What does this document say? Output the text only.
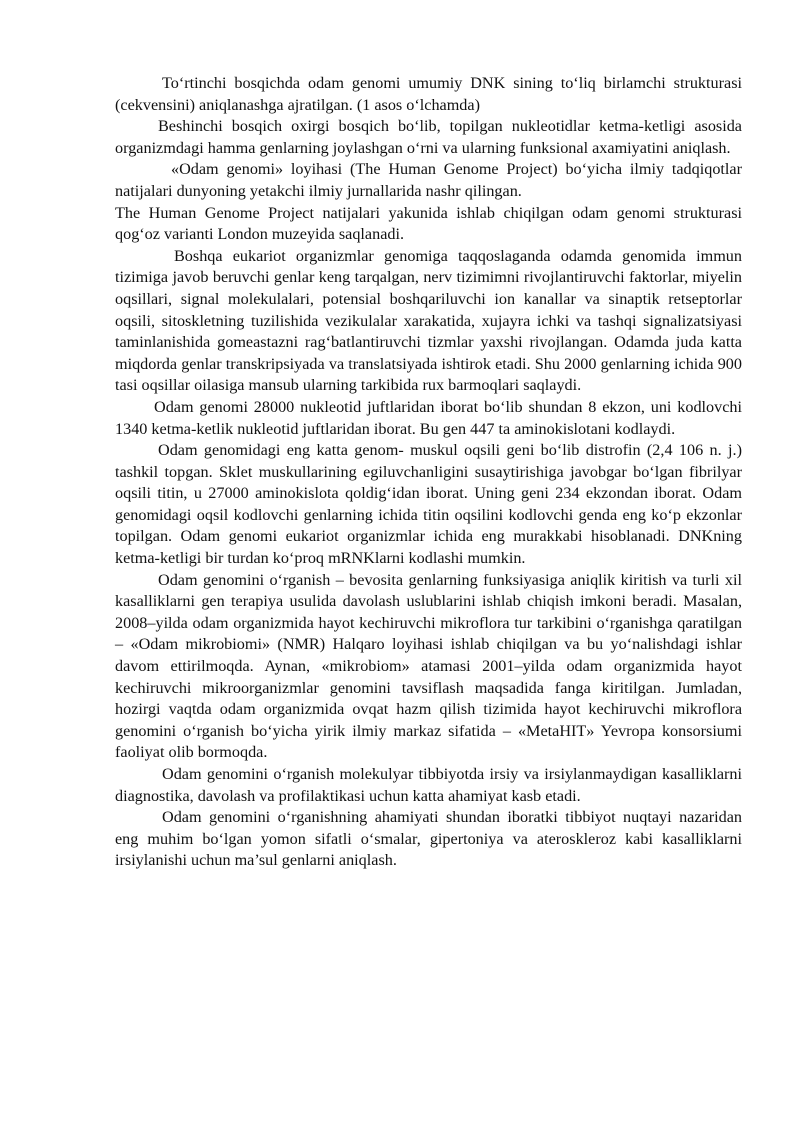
To‘rtinchi bosqichda odam genomi umumiy DNK sining to‘liq birlamchi strukturasi (cekvensini) aniqlanashga ajratilgan. (1 asos o‘lchamda)

Beshinchi bosqich oxirgi bosqich bo‘lib, topilgan nukleotidlar ketma-ketligi asosida organizmdagi hamma genlarning joylashgan o‘rni va ularning funksional axamiyatini aniqlash.

«Odam genomi» loyihasi (The Human Genome Project) bo‘yicha ilmiy tadqiqotlar natijalari dunyoning yetakchi ilmiy jurnallarida nashr qilingan.

The Human Genome Project natijalari yakunida ishlab chiqilgan odam genomi strukturasi qog‘oz varianti London muzeyida saqlanadi.

Boshqa eukariot organizmlar genomiga taqqoslaganda odamda genomida immun tizimiga javob beruvchi genlar keng tarqalgan, nerv tizimimni rivojlantiruvchi faktorlar, miyelin oqsillari, signal molekulalari, potensial boshqariluvchi ion kanallar va sinaptik retseptorlar oqsili, sitoskletning tuzilishida vezikulalar xarakatida, xujayra ichki va tashqi signalizatsiyasi taminlanishida gomeastazni rag‘batlantiruvchi tizmlar yaxshi rivojlangan. Odamda juda katta miqdorda genlar transkripsiyada va translatsiyada ishtirok etadi. Shu 2000 genlarning ichida 900 tasi oqsillar oilasiga mansub ularning tarkibida rux barmoqlari saqlaydi.

Odam genomi 28000 nukleotid juftlaridan iborat bo‘lib shundan 8 ekzon, uni kodlovchi 1340 ketma-ketlik nukleotid juftlaridan iborat. Bu gen 447 ta aminokislotani kodlaydi.

Odam genomidagi eng katta genom- muskul oqsili geni bo‘lib distrofin (2,4 106 n. j.) tashkil topgan. Sklet muskullarining egiluvchanligini susaytirishiga javobgar bo‘lgan fibrilyar oqsili titin, u 27000 aminokislota qoldig‘idan iborat. Uning geni 234 ekzondan iborat. Odam genomidagi oqsil kodlovchi genlarning ichida titin oqsilini kodlovchi genda eng ko‘p ekzonlar topilgan. Odam genomi eukariot organizmlar ichida eng murakkabi hisoblanadi. DNKning ketma-ketligi bir turdan ko‘proq mRNKlarni kodlashi mumkin.

Odam genomini o‘rganish – bevosita genlarning funksiyasiga aniqlik kiritish va turli xil kasalliklarni gen terapiya usulida davolash uslublarini ishlab chiqish imkoni beradi. Masalan, 2008–yilda odam organizmida hayot kechiruvchi mikroflora tur tarkibini o‘rganishga qaratilgan – «Odam mikrobiomi» (NMR) Halqaro loyihasi ishlab chiqilgan va bu yo‘nalishdagi ishlar davom ettirilmoqda. Aynan, «mikrobiom» atamasi 2001–yilda odam organizmida hayot kechiruvchi mikroorganizmlar genomini tavsiflash maqsadida fanga kiritilgan. Jumladan, hozirgi vaqtda odam organizmida ovqat hazm qilish tizimida hayot kechiruvchi mikroflora genomini o‘rganish bo‘yicha yirik ilmiy markaz sifatida – «MetaHIT» Yevropa konsorsiumi faoliyat olib bormoqda.

Odam genomini o‘rganish molekulyar tibbiyotda irsiy va irsiylanmaydigan kasalliklarni diagnostika, davolash va profilaktikasi uchun katta ahamiyat kasb etadi.

Odam genomini o‘rganishning ahamiyati shundan iboratki tibbiyot nuqtayi nazaridan eng muhim bo‘lgan yomon sifatli o‘smalar, gipertoniya va ateroskleroz kabi kasalliklarni irsiylanishi uchun ma’sul genlarni aniqlash.
